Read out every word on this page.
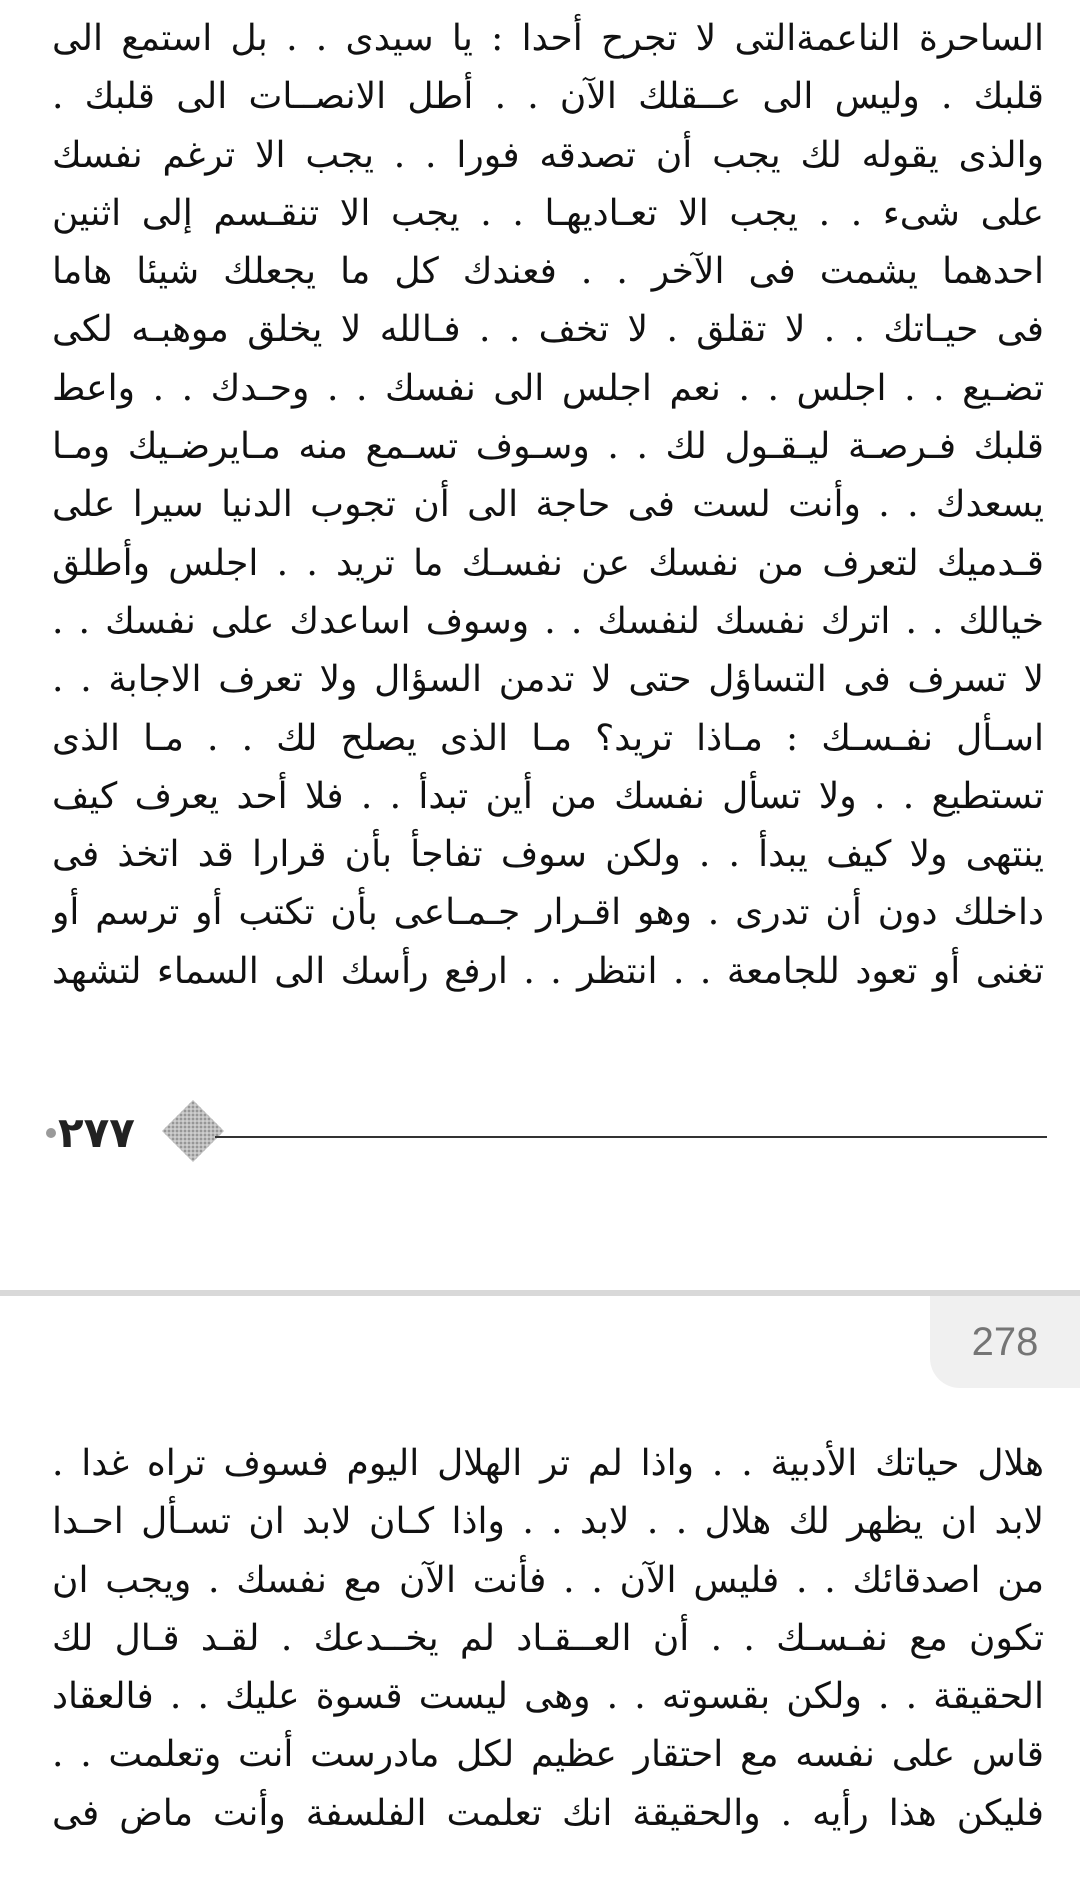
الساحرة الناعمةالتى لا تجرح أحدا : يا سيدى . . بل استمع الى
قلبك . وليس الى عــقلك الآن . . أطل الانصــات الى قلبك .
والذى يقوله لك يجب أن تصدقه فورا . . يجب الا ترغم نفسك
على شىء . . يجب الا تعـاديهـا . . يجب الا تنقـسم إلى اثنين
احدهما يشمت فى الآخر . . فعندك كل ما يجعلك شيئا هاما
فى حيـاتك . . لا تقلق . لا تخف . . فـالله لا يخلق موهبـه لكى
تضـيع . . اجلس . . نعم اجلس الى نفسك . . وحـدك . . واعط
قلبك فـرصـة ليـقـول لك . . وسـوف تسـمع منه مـايرضـيك ومـا
يسعدك . . وأنت لست فى حاجة الى أن تجوب الدنيا سيرا على
قـدميك لتعرف من نفسك عن نفسـك ما تريد . . اجلس وأطلق
خيالك . . اترك نفسك لنفسك . . وسوف اساعدك على نفسك . .
لا تسرف فى التساؤل حتى لا تدمن السؤال ولا تعرف الاجابة . .
اسـأل نفـسـك : مـاذا تريد؟ مـا الذى يصلح لك . . مـا الذى
تستطيع . . ولا تسأل نفسك من أين تبدأ . . فلا أحد يعرف كيف
ينتهى ولا كيف يبدأ . . ولكن سوف تفاجأ بأن قرارا قد اتخذ فى
داخلك دون أن تدرى . وهو اقـرار جـمـاعى بأن تكتب أو ترسم أو
تغنى أو تعود للجامعة . . انتظر . . ارفع رأسك الى السماء لتشهد
٢٧٧
هلال حياتك الأدبية . . واذا لم تر الهلال اليوم فسوف تراه غدا .
لابد ان يظهر لك هلال . . لابد . . واذا كـان لابد ان تسـأل احـدا
من اصدقائك . . فليس الآن . . فأنت الآن مع نفسك . ويجب ان
تكون مع نفـسـك . . أن العــقـاد لم يخــدعك . لقـد قـال لك
الحقيقة . . ولكن بقسوته . . وهى ليست قسوة عليك . . فالعقاد
قاس على نفسه مع احتقار عظيم لكل مادرست أنت وتعلمت . .
فليكن هذا رأيه . والحقيقة انك تعلمت الفلسفة وأنت ماض فى
278
